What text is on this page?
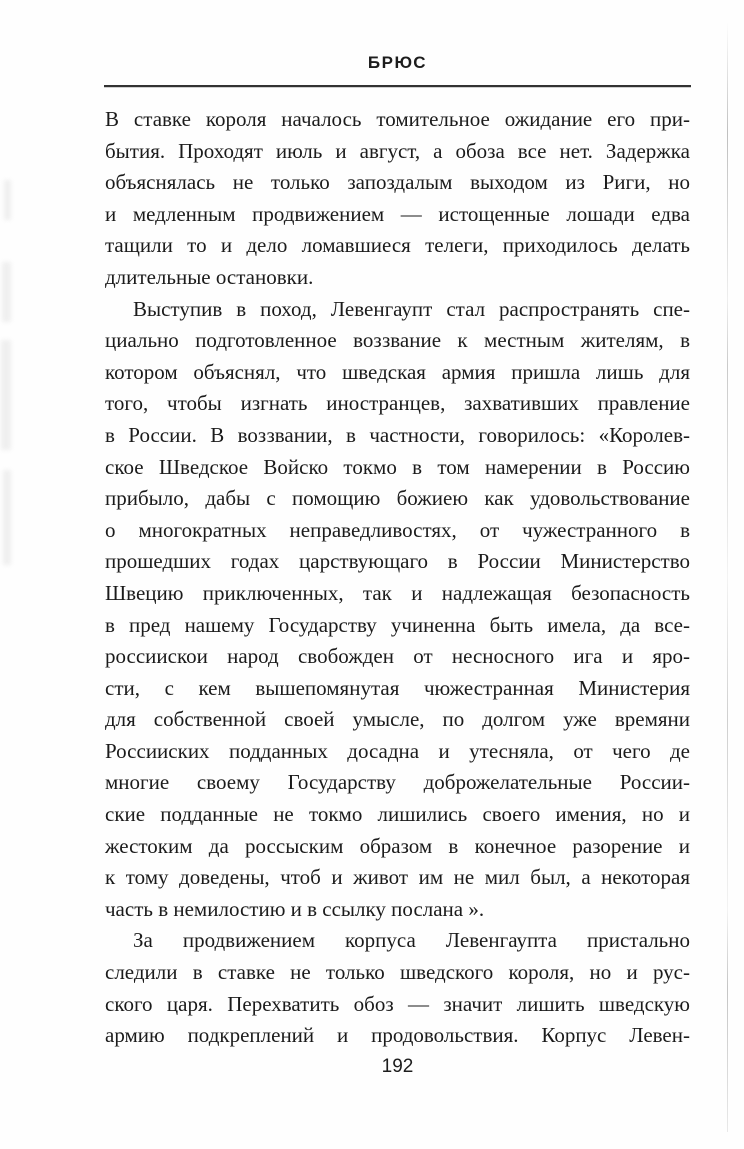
БРЮС
В ставке короля началось томительное ожидание его при-
бытия. Проходят июль и август, а обоза все нет. Задержка
объяснялась не только запоздалым выходом из Риги, но
и медленным продвижением — истощенные лошади едва
тащили то и дело ломавшиеся телеги, приходилось делать
длительные остановки.
Выступив в поход, Левенгаупт стал распространять спе-
циально подготовленное воззвание к местным жителям, в
котором объяснял, что шведская армия пришла лишь для
того, чтобы изгнать иностранцев, захвативших правление
в России. В воззвании, в частности, говорилось: «Королев-
ское Шведское Войско токмо в том намерении в Россию
прибыло, дабы с помощию божиею как удовольствование
о многократных неправедливостях, от чужестранного в
прошедших годах царствующаго в России Министерство
Швецию приключенных, так и надлежащая безопасность
в пред нашему Государству учиненна быть имела, да все-
россиискои народ свобожден от несносного ига и яро-
сти, с кем вышепомянутая чюжестранная Министерия
для собственной своей умысле, по долгом уже времяни
Россииских подданных досадна и утесняла, от чего де
многие своему Государству доброжелательные России-
ские подданные не токмо лишились своего имения, но и
жестоким да россыским образом в конечное разорение и
к тому доведены, чтоб и живот им не мил был, а некоторая
часть в немилостию и в ссылку послана ».
За продвижением корпуса Левенгаупта пристально
следили в ставке не только шведского короля, но и рус-
ского царя. Перехватить обоз — значит лишить шведскую
армию подкреплений и продовольствия. Корпус Левен-
192
